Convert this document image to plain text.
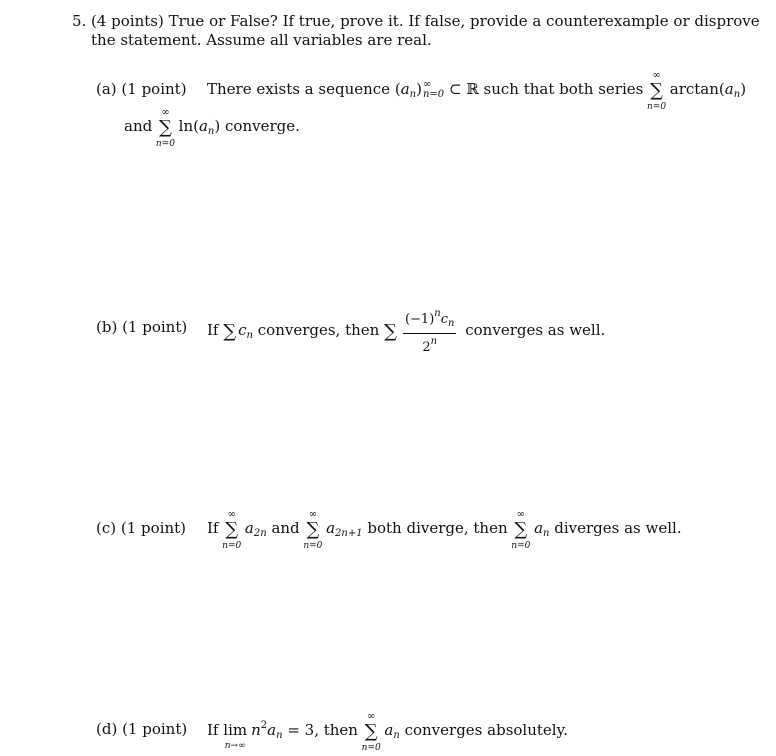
5. (4 points) True or False? If true, prove it. If false, provide a counterexample or disprove
the statement. Assume all variables are real.
(a) (1 point) There exists a sequence $(a_n)$ ∞
n=0 ⊂ ℝ such that both series
∞
∑
n=0
$\arctan(a_n)$
and
∞
∑
n=0
$\ln(a_n)$ converge.
(b) (1 point) If ∑ $c_n$ converges, then ∑ $\frac{(-1)^nc_n}{2^n}$ converges as well.
(c) (1 point) If
∞
∑
n=0
$a_{2n}$ and
∞
∑
n=0
$a_{2n+1}$ both diverge, then
∞
∑
n=0
$a_n$ diverges as well.
(d) (1 point) If lim
n→∞
$n^2a_n = 3$, then
∞
∑
n=0
$a_n$ converges absolutely.
